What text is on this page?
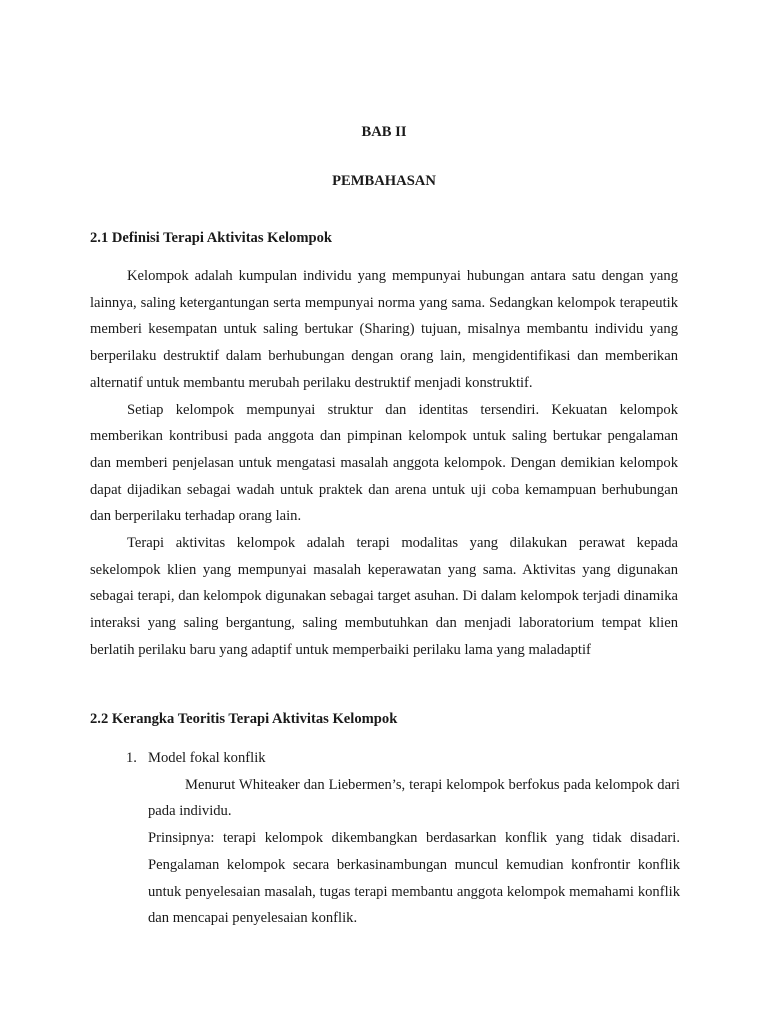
BAB II
PEMBAHASAN
2.1 Definisi Terapi Aktivitas Kelompok

Kelompok adalah kumpulan individu yang mempunyai hubungan antara satu dengan yang lainnya, saling ketergantungan serta mempunyai norma yang sama. Sedangkan kelompok terapeutik memberi kesempatan untuk saling bertukar (Sharing) tujuan, misalnya membantu individu yang berperilaku destruktif dalam berhubungan dengan orang lain, mengidentifikasi dan memberikan alternatif untuk membantu merubah perilaku destruktif menjadi konstruktif.

Setiap kelompok mempunyai struktur dan identitas tersendiri. Kekuatan kelompok memberikan kontribusi pada anggota dan pimpinan kelompok untuk saling bertukar pengalaman dan memberi penjelasan untuk mengatasi masalah anggota kelompok. Dengan demikian kelompok dapat dijadikan sebagai wadah untuk praktek dan arena untuk uji coba kemampuan berhubungan dan berperilaku terhadap orang lain.

Terapi aktivitas kelompok adalah terapi modalitas yang dilakukan perawat kepada sekelompok klien yang mempunyai masalah keperawatan yang sama. Aktivitas yang digunakan sebagai terapi, dan kelompok digunakan sebagai target asuhan. Di dalam kelompok terjadi dinamika interaksi yang saling bergantung, saling membutuhkan dan menjadi laboratorium tempat klien berlatih perilaku baru yang adaptif untuk memperbaiki perilaku lama yang maladaptif

2.2 Kerangka Teoritis Terapi Aktivitas Kelompok
1. Model fokal konflik

Menurut Whiteaker dan Liebermen’s, terapi kelompok berfokus pada kelompok dari pada individu.

Prinsipnya: terapi kelompok dikembangkan berdasarkan konflik yang tidak disadari. Pengalaman kelompok secara berkasinambungan muncul kemudian konfrontir konflik untuk penyelesaian masalah, tugas terapi membantu anggota kelompok memahami konflik dan mencapai penyelesaian konflik.
